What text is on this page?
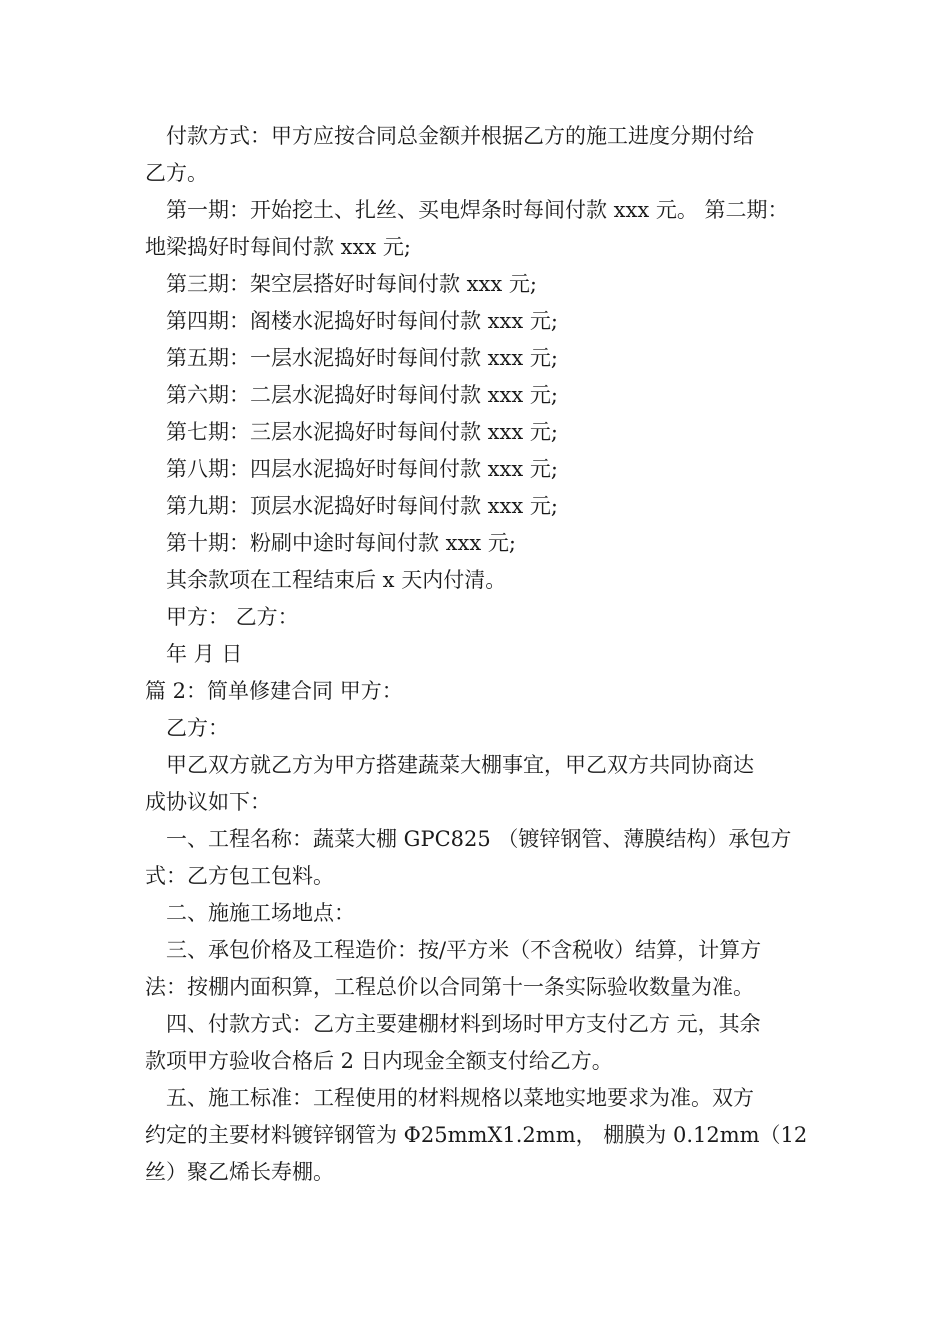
付款方式：甲方应按合同总金额并根据乙方的施工进度分期付给

乙方。

第一期：开始挖土、扎丝、买电焊条时每间付款 xxx 元。 第二期：

地梁捣好时每间付款 xxx 元;

第三期：架空层搭好时每间付款 xxx 元;

第四期：阁楼水泥捣好时每间付款 xxx 元;

第五期：一层水泥捣好时每间付款 xxx 元;

第六期：二层水泥捣好时每间付款 xxx 元;

第七期：三层水泥捣好时每间付款 xxx 元;

第八期：四层水泥捣好时每间付款 xxx 元;

第九期：顶层水泥捣好时每间付款 xxx 元;

第十期：粉刷中途时每间付款 xxx 元;

其余款项在工程结束后 x 天内付清。

甲方： 乙方：

年 月 日

篇 2：简单修建合同 甲方：

乙方：

甲乙双方就乙方为甲方搭建蔬菜大棚事宜，甲乙双方共同协商达

成协议如下：

一、工程名称：蔬菜大棚 GPC825 （镀锌钢管、薄膜结构）承包方

式：乙方包工包料。

二、施施工场地点：

三、承包价格及工程造价：按/平方米（不含税收）结算，计算方

法：按棚内面积算，工程总价以合同第十一条实际验收数量为准。

四、付款方式：乙方主要建棚材料到场时甲方支付乙方 元，其余

款项甲方验收合格后 2 日内现金全额支付给乙方。

五、施工标准：工程使用的材料规格以菜地实地要求为准。双方

约定的主要材料镀锌钢管为 Φ25mmX1.2mm， 棚膜为 0.12mm（12

丝）聚乙烯长寿棚。
